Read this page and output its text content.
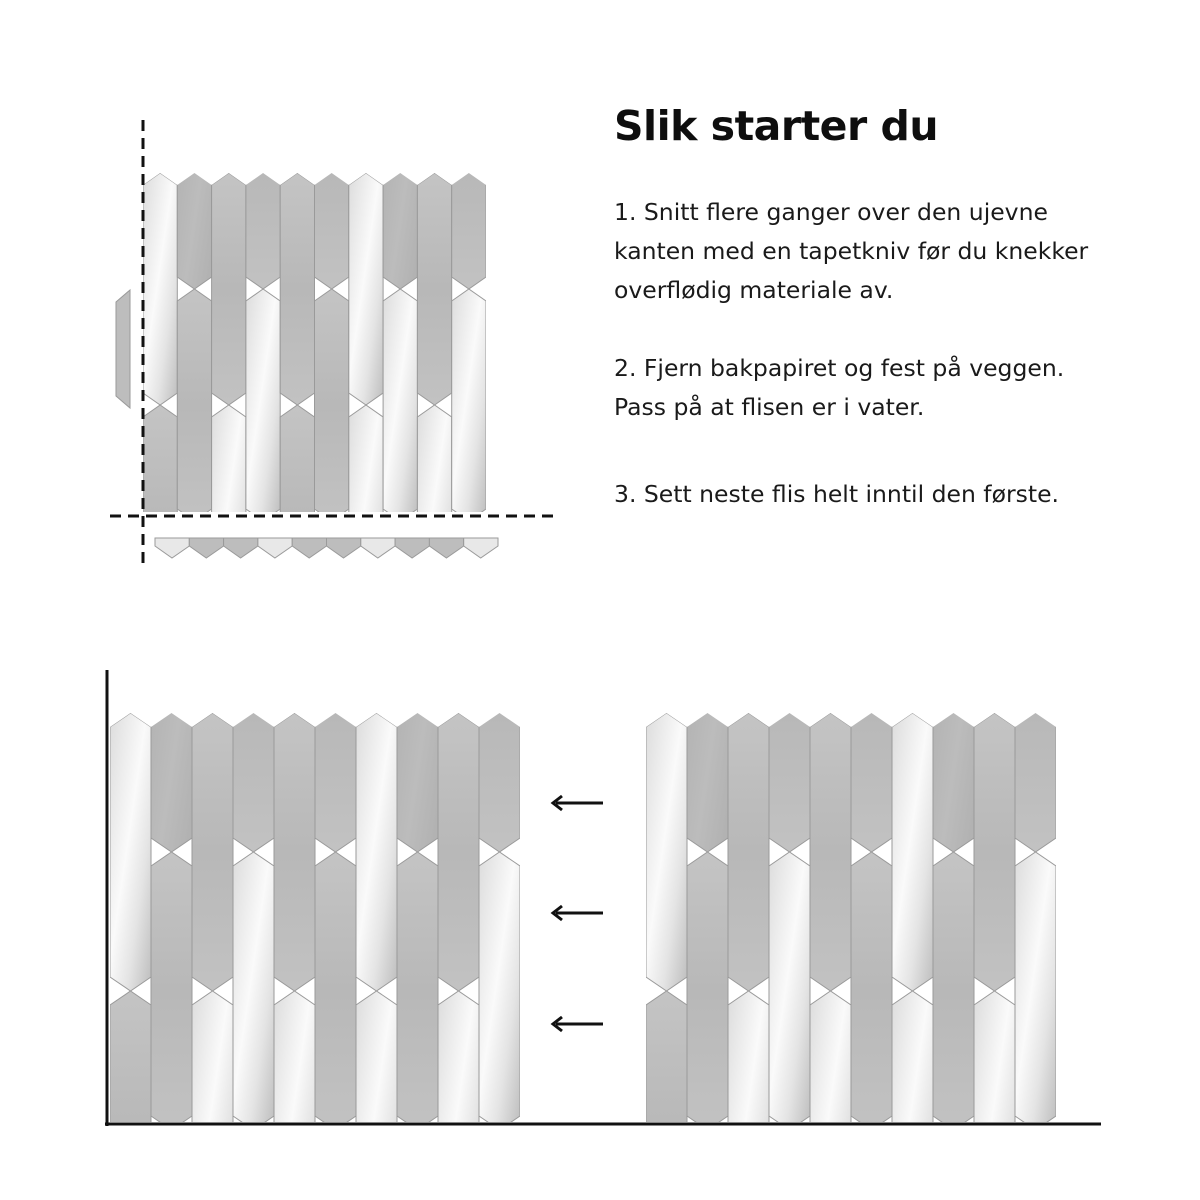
Slik starter du

1. Snitt flere ganger over den ujevne
kanten med en tapetkniv før du knekker
overflødig materiale av.

2. Fjern bakpapiret og fest på veggen.
Pass på at flisen er i vater.

3. Sett neste flis helt inntil den første.
